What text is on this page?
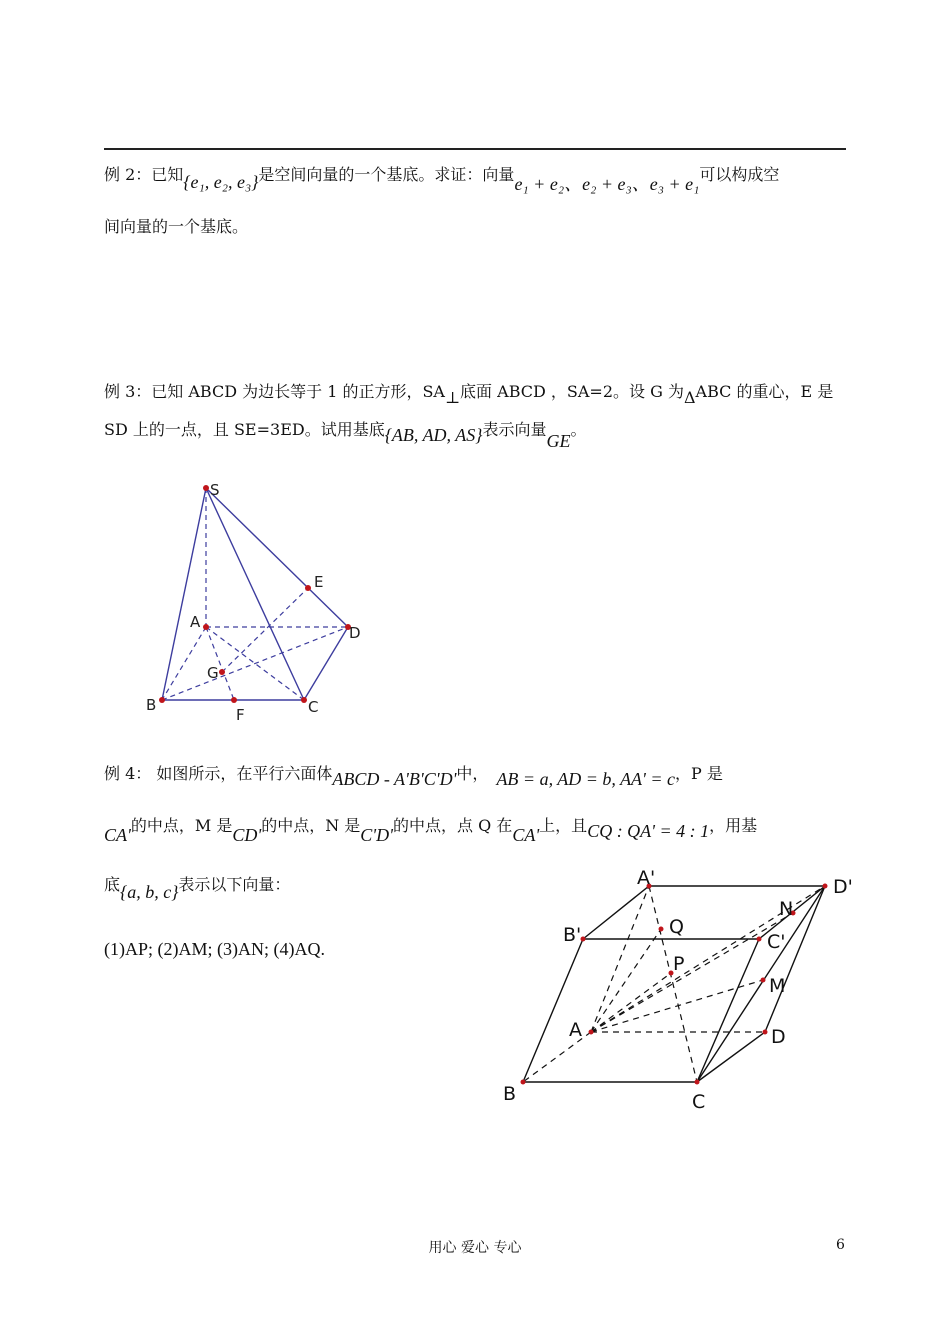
例 2：已知{e₁, e₂, e₃}是空间向量的一个基底。求证：向量e₁ + e₂、e₂ + e₃、e₃ + e₁可以构成空
间向量的一个基底。
例 3：已知 ABCD 为边长等于 1 的正方形，SA⊥底面 ABCD ，SA=2。设 G 为ΔABC 的重心，E 是
SD 上的一点，且 SE=3ED。试用基底{AB, AD, AS}表示向量GE。
S
E
A
D
G
B
F	C
例 4： 如图所示，在平行六面体ABCD - A'B'C'D'中， AB = a, AD = b, AA' = c，P 是
CA'的中点，M 是CD'的中点，N 是C'D'的中点，点 Q 在CA'上，且CQ : QA' = 4 : 1，用基
底{a, b, c}表示以下向量：
(1)AP; (2)AM; (3)AN; (4)AQ.
A'	D'
B'	C'
N
Q
P
M
A	D
B	C
用心 爱心 专心	6
